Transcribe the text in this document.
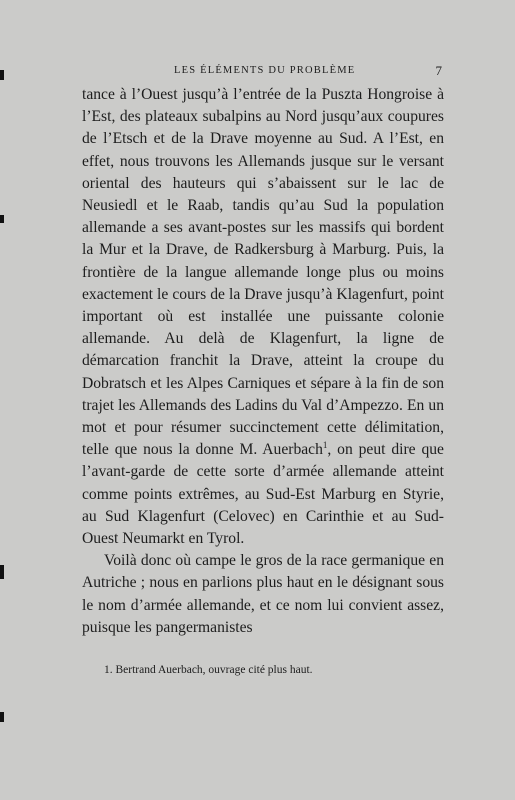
LES ÉLÉMENTS DU PROBLÈME	7

tance à l’Ouest jusqu’à l’entrée de la Puszta Hongroise à l’Est, des plateaux subalpins au Nord jusqu’aux coupures de l’Etsch et de la Drave moyenne au Sud. A l’Est, en effet, nous trouvons les Allemands jusque sur le versant oriental des hauteurs qui s’abaissent sur le lac de Neusiedl et le Raab, tandis qu’au Sud la population allemande a ses avant-postes sur les massifs qui bordent la Mur et la Drave, de Radkersburg à Marburg. Puis, la frontière de la langue allemande longe plus ou moins exactement le cours de la Drave jusqu’à Klagenfurt, point important où est installée une puissante colonie allemande. Au delà de Klagenfurt, la ligne de démarcation franchit la Drave, atteint la croupe du Dobratsch et les Alpes Carniques et sépare à la fin de son trajet les Allemands des Ladins du Val d’Ampezzo. En un mot et pour résumer succinctement cette délimitation, telle que nous la donne M. Auerbach$^1$, on peut dire que l’avant-garde de cette sorte d’armée allemande atteint comme points extrêmes, au Sud-Est Marburg en Styrie, au Sud Klagenfurt (Celovec) en Carinthie et au Sud-Ouest Neumarkt en Tyrol.

Voilà donc où campe le gros de la race germanique en Autriche ; nous en parlions plus haut en le désignant sous le nom d’armée allemande, et ce nom lui convient assez, puisque les pangermanistes

1. Bertrand Auerbach, ouvrage cité plus haut.
